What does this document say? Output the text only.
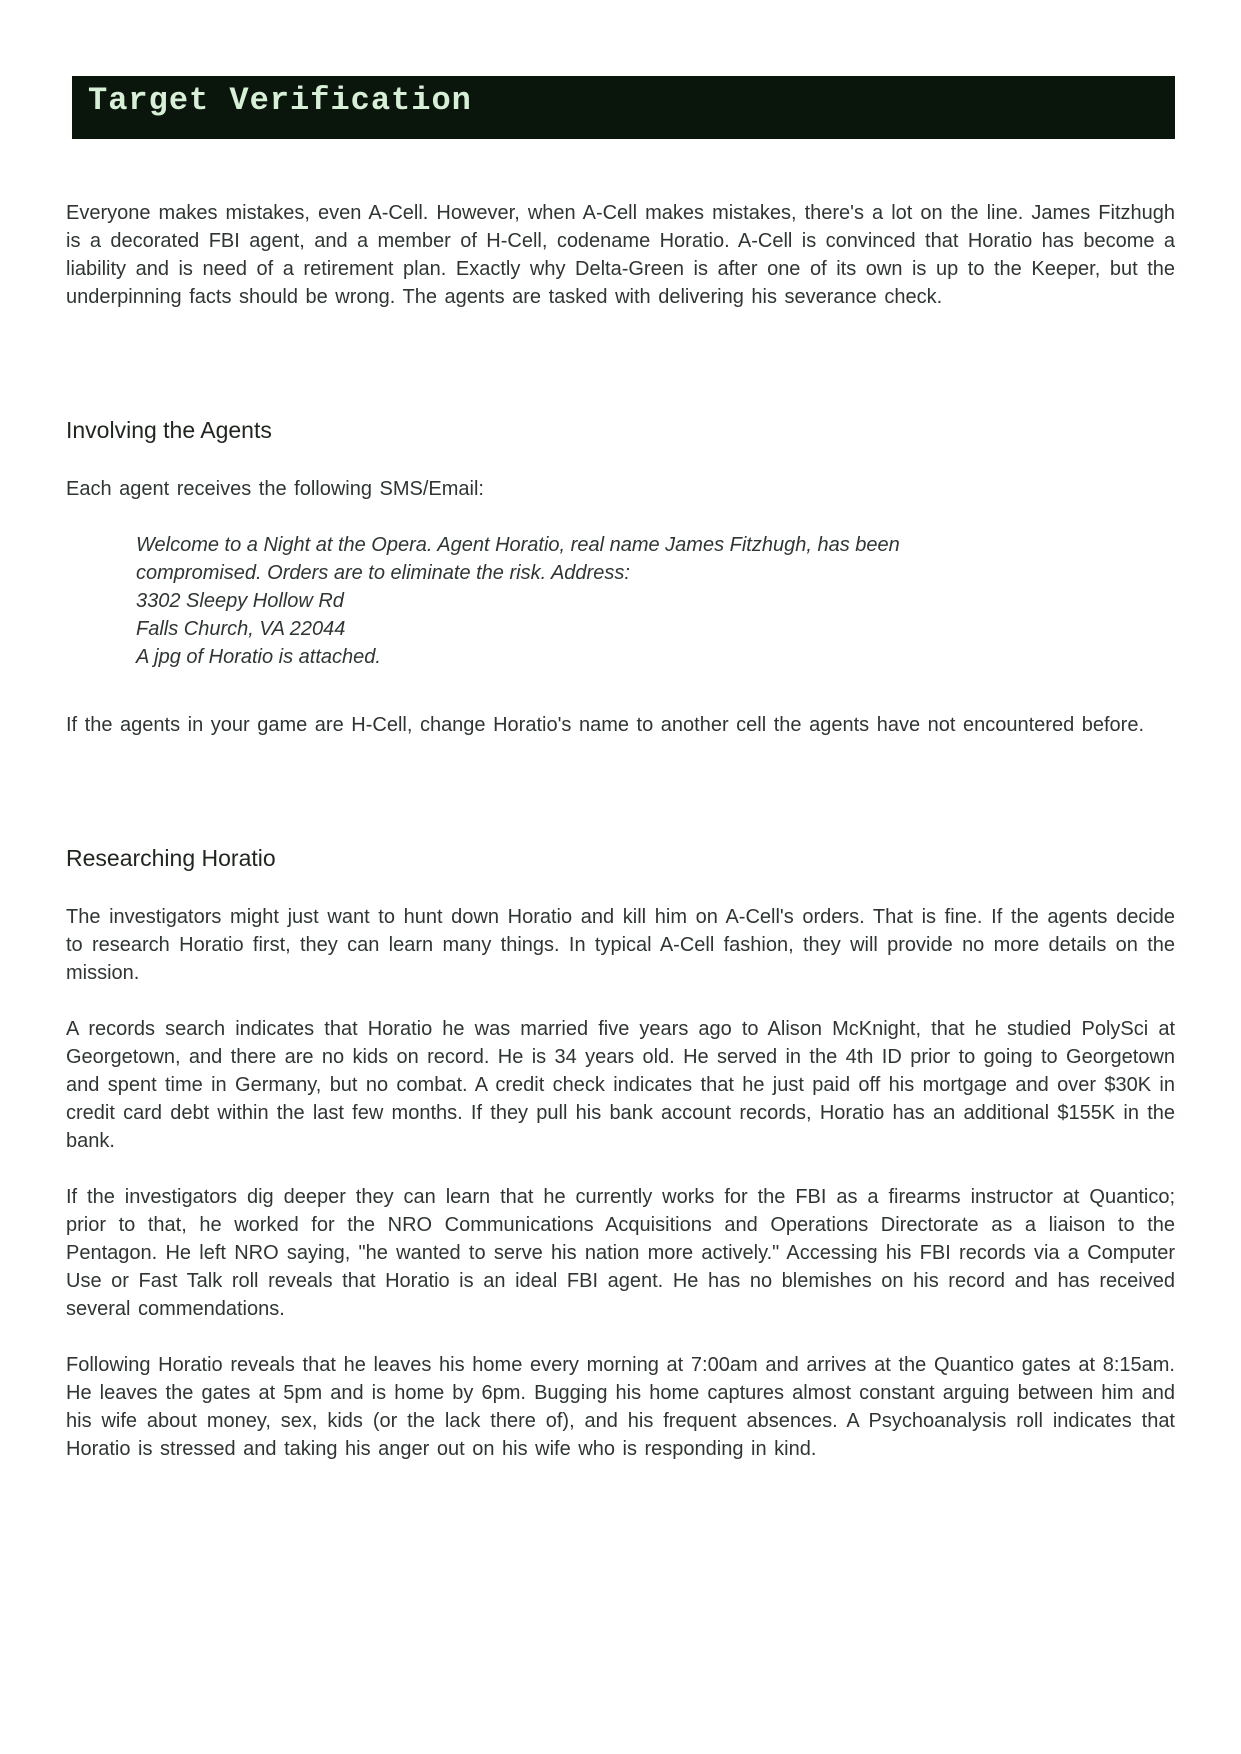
Target Verification

Everyone makes mistakes, even A-Cell. However, when A-Cell makes mistakes, there's a lot on the line. James Fitzhugh is a decorated FBI agent, and a member of H-Cell, codename Horatio. A-Cell is convinced that Horatio has become a liability and is need of a retirement plan. Exactly why Delta-Green is after one of its own is up to the Keeper, but the underpinning facts should be wrong. The agents are tasked with delivering his severance check.

Involving the Agents

Each agent receives the following SMS/Email:

Welcome to a Night at the Opera. Agent Horatio, real name James Fitzhugh, has been compromised. Orders are to eliminate the risk. Address:
3302 Sleepy Hollow Rd
Falls Church, VA 22044
A jpg of Horatio is attached.

If the agents in your game are H-Cell, change Horatio's name to another cell the agents have not encountered before.

Researching Horatio

The investigators might just want to hunt down Horatio and kill him on A-Cell's orders. That is fine. If the agents decide to research Horatio first, they can learn many things. In typical A-Cell fashion, they will provide no more details on the mission.

A records search indicates that Horatio he was married five years ago to Alison McKnight, that he studied PolySci at Georgetown, and there are no kids on record. He is 34 years old. He served in the 4th ID prior to going to Georgetown and spent time in Germany, but no combat. A credit check indicates that he just paid off his mortgage and over $30K in credit card debt within the last few months. If they pull his bank account records, Horatio has an additional $155K in the bank.

If the investigators dig deeper they can learn that he currently works for the FBI as a firearms instructor at Quantico; prior to that, he worked for the NRO Communications Acquisitions and Operations Directorate as a liaison to the Pentagon. He left NRO saying, "he wanted to serve his nation more actively." Accessing his FBI records via a Computer Use or Fast Talk roll reveals that Horatio is an ideal FBI agent. He has no blemishes on his record and has received several commendations.

Following Horatio reveals that he leaves his home every morning at 7:00am and arrives at the Quantico gates at 8:15am. He leaves the gates at 5pm and is home by 6pm. Bugging his home captures almost constant arguing between him and his wife about money, sex, kids (or the lack there of), and his frequent absences. A Psychoanalysis roll indicates that Horatio is stressed and taking his anger out on his wife who is responding in kind.
